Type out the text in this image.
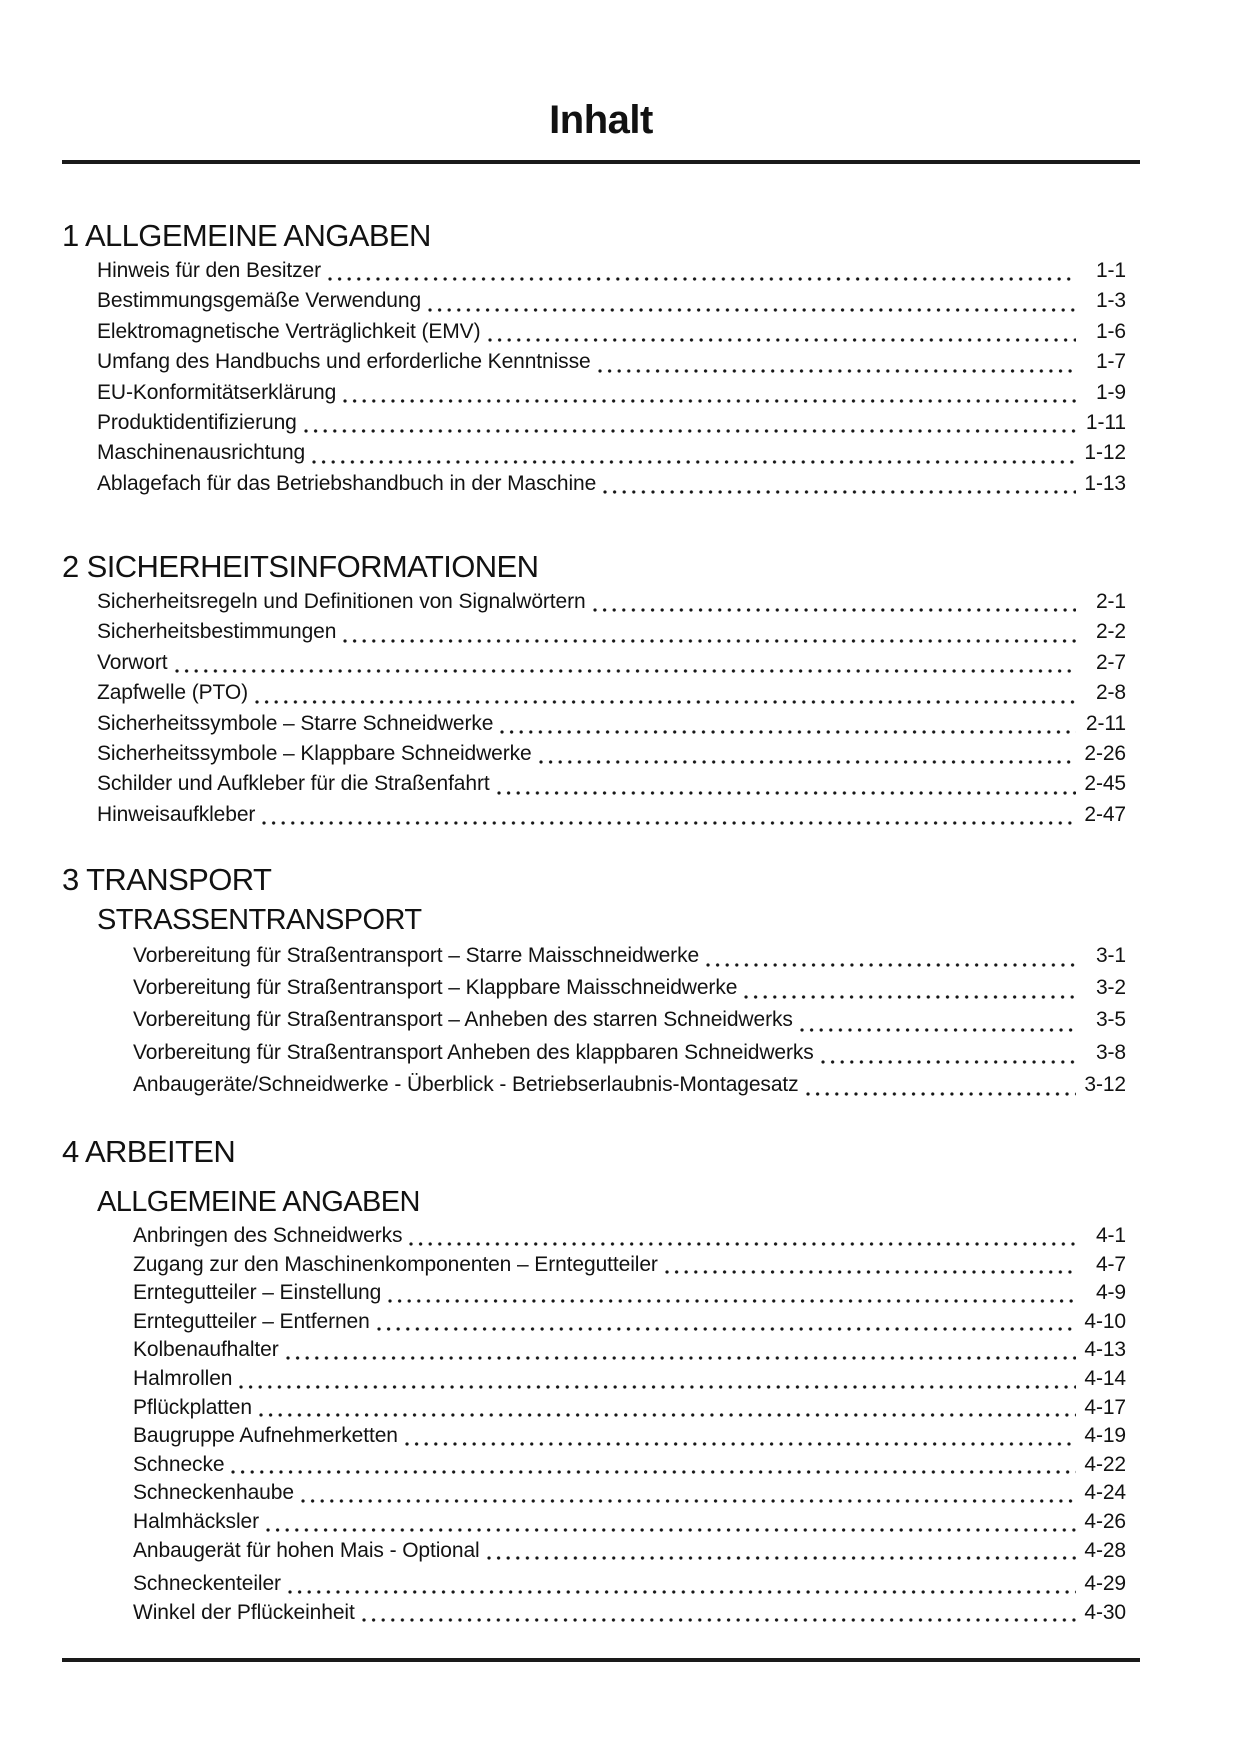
Inhalt
1 ALLGEMEINE ANGABEN
Hinweis für den Besitzer	1-1
Bestimmungsgemäße Verwendung	1-3
Elektromagnetische Verträglichkeit (EMV)	1-6
Umfang des Handbuchs und erforderliche Kenntnisse	1-7
EU-Konformitätserklärung	1-9
Produktidentifizierung	1-11
Maschinenausrichtung	1-12
Ablagefach für das Betriebshandbuch in der Maschine	1-13
2 SICHERHEITSINFORMATIONEN
Sicherheitsregeln und Definitionen von Signalwörtern	2-1
Sicherheitsbestimmungen	2-2
Vorwort	2-7
Zapfwelle (PTO)	2-8
Sicherheitssymbole – Starre Schneidwerke	2-11
Sicherheitssymbole – Klappbare Schneidwerke	2-26
Schilder und Aufkleber für die Straßenfahrt	2-45
Hinweisaufkleber	2-47
3 TRANSPORT
STRASSENTRANSPORT
Vorbereitung für Straßentransport – Starre Maisschneidwerke	3-1
Vorbereitung für Straßentransport – Klappbare Maisschneidwerke	3-2
Vorbereitung für Straßentransport – Anheben des starren Schneidwerks	3-5
Vorbereitung für Straßentransport Anheben des klappbaren Schneidwerks	3-8
Anbaugeräte/Schneidwerke - Überblick - Betriebserlaubnis-Montagesatz	3-12
4 ARBEITEN
ALLGEMEINE ANGABEN
Anbringen des Schneidwerks	4-1
Zugang zur den Maschinenkomponenten – Erntegutteiler	4-7
Erntegutteiler – Einstellung	4-9
Erntegutteiler – Entfernen	4-10
Kolbenaufhalter	4-13
Halmrollen	4-14
Pflückplatten	4-17
Baugruppe Aufnehmerketten	4-19
Schnecke	4-22
Schneckenhaube	4-24
Halmhäcksler	4-26
Anbaugerät für hohen Mais - Optional	4-28
Schneckenteiler	4-29
Winkel der Pflückeinheit	4-30
